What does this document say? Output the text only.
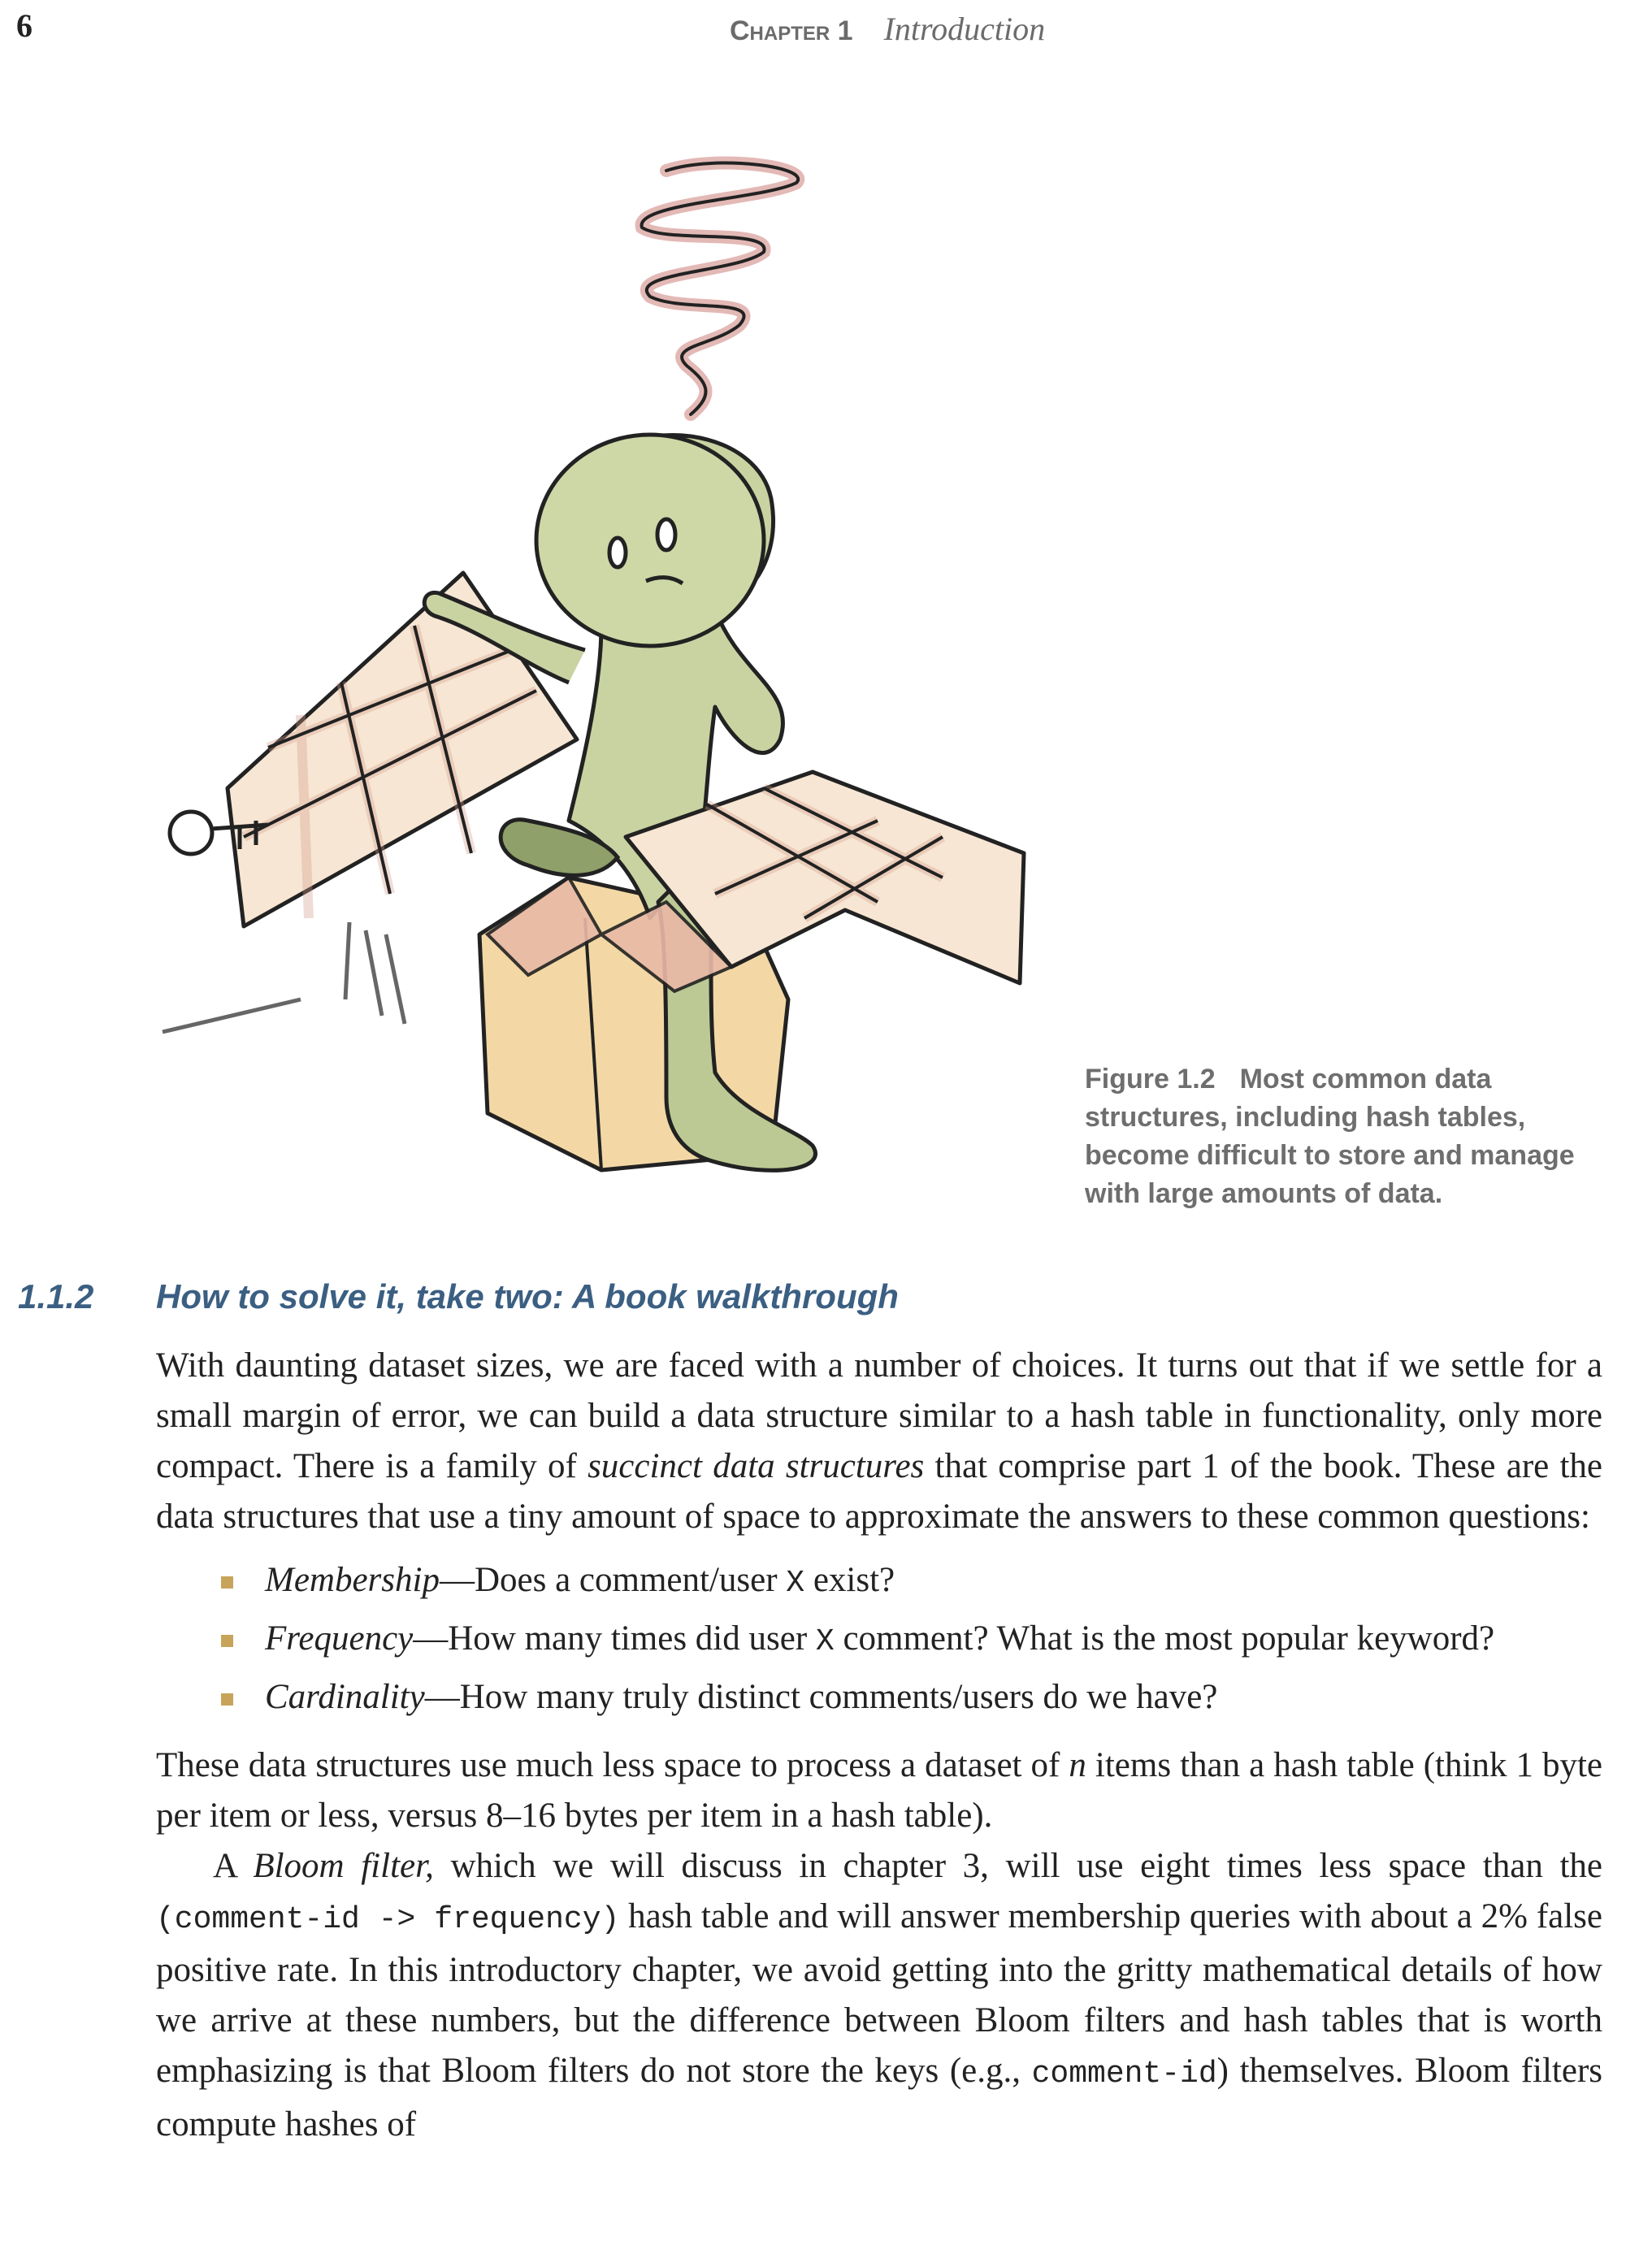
6	Chapter 1 Introduction
Figure 1.2 Most common data structures, including hash tables, become difficult to store and manage with large amounts of data.
1.1.2 How to solve it, take two: A book walkthrough

With daunting dataset sizes, we are faced with a number of choices. It turns out that if we settle for a small margin of error, we can build a data structure similar to a hash table in functionality, only more compact. There is a family of succinct data structures that comprise part 1 of the book. These are the data structures that use a tiny amount of space to approximate the answers to these common questions:

Membership—Does a comment/user X exist?
Frequency—How many times did user X comment? What is the most popular keyword?
Cardinality—How many truly distinct comments/users do we have?

These data structures use much less space to process a dataset of n items than a hash table (think 1 byte per item or less, versus 8–16 bytes per item in a hash table).

A Bloom filter, which we will discuss in chapter 3, will use eight times less space than the (comment-id -> frequency) hash table and will answer membership queries with about a 2% false positive rate. In this introductory chapter, we avoid getting into the gritty mathematical details of how we arrive at these numbers, but the difference between Bloom filters and hash tables that is worth emphasizing is that Bloom filters do not store the keys (e.g., comment-id) themselves. Bloom filters compute hashes of
